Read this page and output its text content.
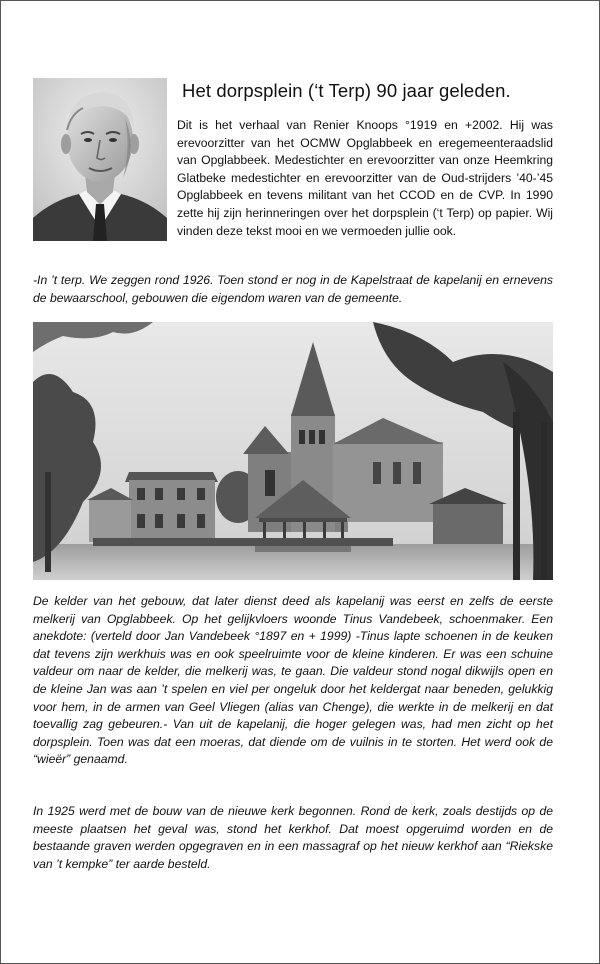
Het dorpsplein (‘t Terp) 90 jaar geleden.
Dit is het verhaal van Renier Knoops °1919 en +2002. Hij was erevoorzitter van het OCMW Opglabbeek en eregemeenteraadslid van Opglabbeek. Medestichter en erevoorzitter van onze Heemkring Glatbeke medestichter en erevoorzitter van de Oud-strijders ’40-’45 Opglabbeek en tevens militant van het CCOD en de CVP. In 1990 zette hij zijn herinneringen over het dorpsplein (‘t Terp) op papier. Wij vinden deze tekst mooi en we vermoeden jullie ook.
-In ’t terp. We zeggen rond 1926. Toen stond er nog in de Kapelstraat de kapelanij en ernevens de bewaarschool, gebouwen die eigendom waren van de gemeente.
De kelder van het gebouw, dat later dienst deed als kapelanij was eerst en zelfs de eerste melkerij van Opglabbeek. Op het gelijkvloers woonde Tinus Vandebeek, schoenmaker. Een anekdote: (verteld door Jan Vandebeek °1897 en + 1999) -Tinus lapte schoenen in de keuken dat tevens zijn werkhuis was en ook speelruimte voor de kleine kinderen. Er was een schuine valdeur om naar de kelder, die melkerij was, te gaan. Die valdeur stond nogal dikwijls open en de kleine Jan was aan ’t spelen en viel per ongeluk door het keldergat naar beneden, gelukkig voor hem, in de armen van Geel Vliegen (alias van Chenge), die werkte in de melkerij en dat toevallig zag gebeuren.- Van uit de kapelanij, die hoger gelegen was, had men zicht op het dorpsplein. Toen was dat een moeras, dat diende om de vuilnis in te storten. Het werd ook de “wieër” genaamd.
In 1925 werd met de bouw van de nieuwe kerk begonnen. Rond de kerk, zoals destijds op de meeste plaatsen het geval was, stond het kerkhof. Dat moest opgeruimd worden en de bestaande graven werden opgegraven en in een massagraf op het nieuw kerkhof aan “Riekske van ’t kempke” ter aarde besteld.
